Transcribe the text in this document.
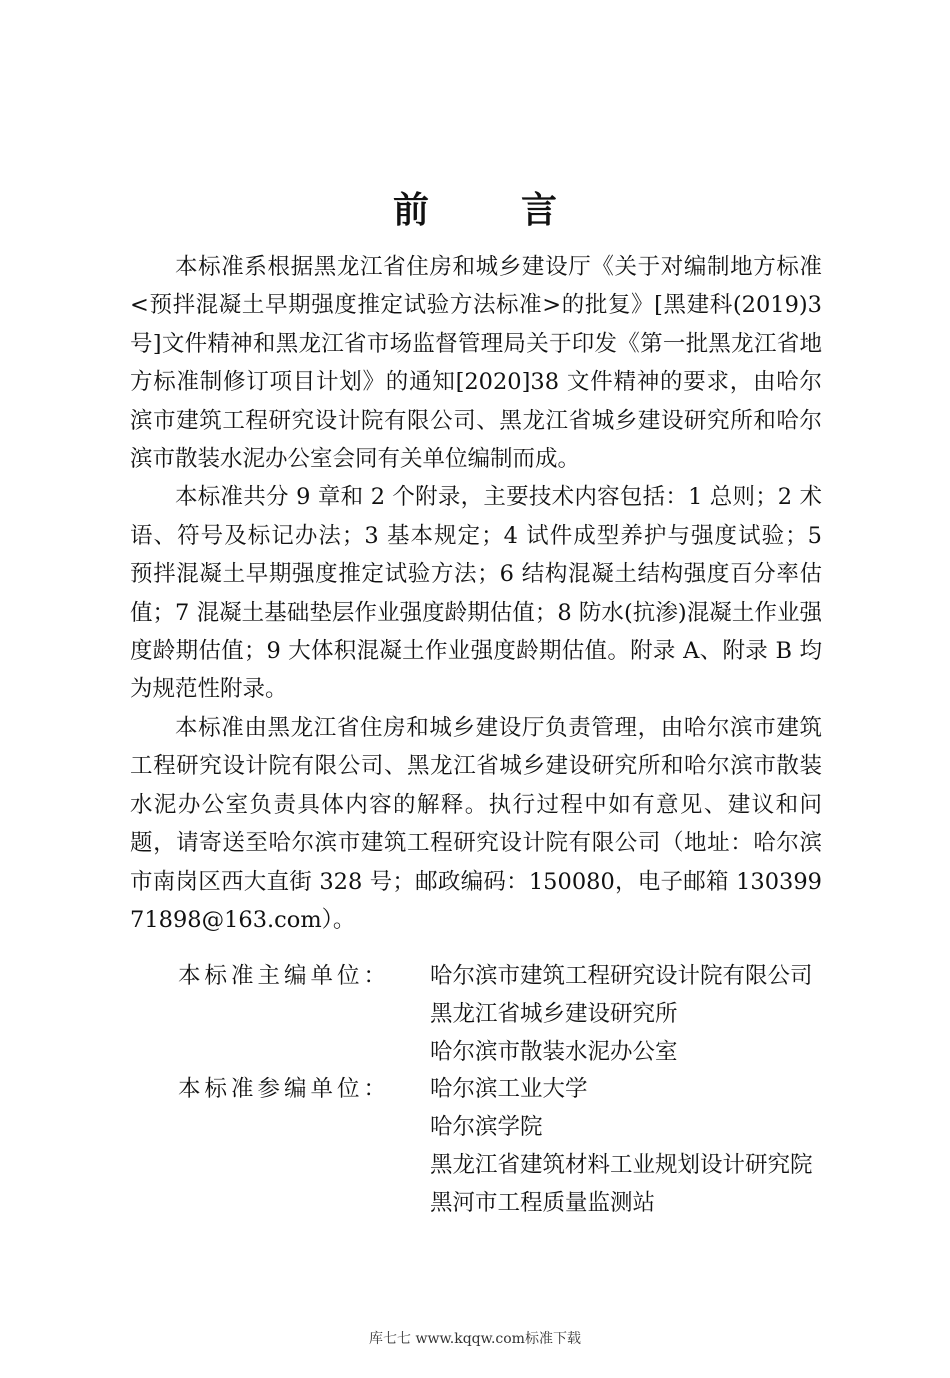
前　言

本标准系根据黑龙江省住房和城乡建设厅《关于对编制地方标准<预拌混凝土早期强度推定试验方法标准>的批复》[黑建科(2019)3 号]文件精神和黑龙江省市场监督管理局关于印发《第一批黑龙江省地方标准制修订项目计划》的通知[2020]38 文件精神的要求，由哈尔滨市建筑工程研究设计院有限公司、黑龙江省城乡建设研究所和哈尔滨市散装水泥办公室会同有关单位编制而成。

本标准共分 9 章和 2 个附录，主要技术内容包括：1 总则；2 术语、符号及标记办法；3 基本规定；4 试件成型养护与强度试验；5 预拌混凝土早期强度推定试验方法；6 结构混凝土结构强度百分率估值；7 混凝土基础垫层作业强度龄期估值；8 防水(抗渗)混凝土作业强度龄期估值；9 大体积混凝土作业强度龄期估值。附录 A、附录 B 均为规范性附录。

本标准由黑龙江省住房和城乡建设厅负责管理，由哈尔滨市建筑工程研究设计院有限公司、黑龙江省城乡建设研究所和哈尔滨市散装水泥办公室负责具体内容的解释。执行过程中如有意见、建议和问题，请寄送至哈尔滨市建筑工程研究设计院有限公司（地址：哈尔滨市南岗区西大直街 328 号；邮政编码：150080，电子邮箱 13039971898@163.com）。

本标准主编单位：	哈尔滨市建筑工程研究设计院有限公司
黑龙江省城乡建设研究所
哈尔滨市散装水泥办公室
本标准参编单位：	哈尔滨工业大学
哈尔滨学院
黑龙江省建筑材料工业规划设计研究院
黑河市工程质量监测站
库七七 www.kqqw.com标准下载
